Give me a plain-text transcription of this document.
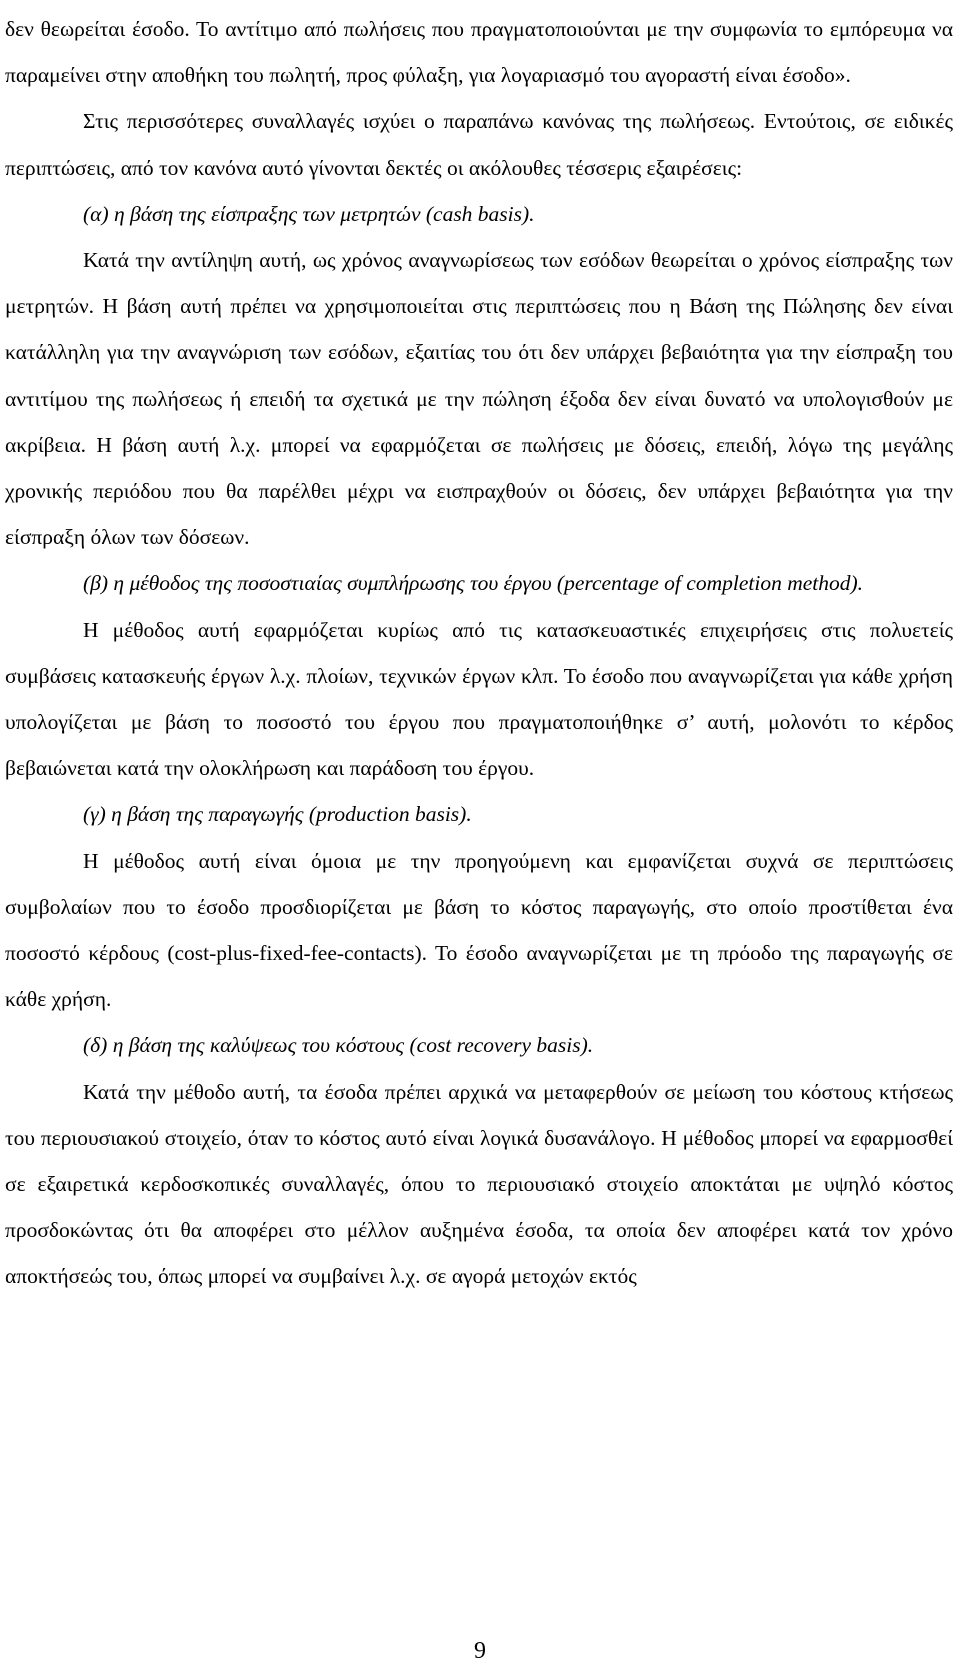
δεν θεωρείται έσοδο. Το αντίτιμο από πωλήσεις που πραγματοποιούνται με την συμφωνία το εμπόρευμα να παραμείνει στην αποθήκη του πωλητή, προς φύλαξη, για λογαριασμό του αγοραστή είναι έσοδο».

Στις περισσότερες συναλλαγές ισχύει ο παραπάνω κανόνας της πωλήσεως. Εντούτοις, σε ειδικές περιπτώσεις, από τον κανόνα αυτό γίνονται δεκτές οι ακόλουθες τέσσερις εξαιρέσεις:

(α) η βάση της είσπραξης των μετρητών (cash basis).

Κατά την αντίληψη αυτή, ως χρόνος αναγνωρίσεως των εσόδων θεωρείται ο χρόνος είσπραξης των μετρητών. Η βάση αυτή πρέπει να χρησιμοποιείται στις περιπτώσεις που η Βάση της Πώλησης δεν είναι κατάλληλη για την αναγνώριση των εσόδων, εξαιτίας του ότι δεν υπάρχει βεβαιότητα για την είσπραξη του αντιτίμου της πωλήσεως ή επειδή τα σχετικά με την πώληση έξοδα δεν είναι δυνατό να υπολογισθούν με ακρίβεια. Η βάση αυτή λ.χ. μπορεί να εφαρμόζεται σε πωλήσεις με δόσεις, επειδή, λόγω της μεγάλης χρονικής περιόδου που θα παρέλθει μέχρι να εισπραχθούν οι δόσεις, δεν υπάρχει βεβαιότητα για την είσπραξη όλων των δόσεων.

(β) η μέθοδος της ποσοστιαίας συμπλήρωσης του έργου (percentage of completion method).

Η μέθοδος αυτή εφαρμόζεται κυρίως από τις κατασκευαστικές επιχειρήσεις στις πολυετείς συμβάσεις κατασκευής έργων λ.χ. πλοίων, τεχνικών έργων κλπ. Το έσοδο που αναγνωρίζεται για κάθε χρήση υπολογίζεται με βάση το ποσοστό του έργου που πραγματοποιήθηκε σ’ αυτή, μολονότι το κέρδος βεβαιώνεται κατά την ολοκλήρωση και παράδοση του έργου.

(γ) η βάση της παραγωγής (production basis).

Η μέθοδος αυτή είναι όμοια με την προηγούμενη και εμφανίζεται συχνά σε περιπτώσεις συμβολαίων που το έσοδο προσδιορίζεται με βάση το κόστος παραγωγής, στο οποίο προστίθεται ένα ποσοστό κέρδους (cost-plus-fixed-fee-contacts). Το έσοδο αναγνωρίζεται με τη πρόοδο της παραγωγής σε κάθε χρήση.

(δ) η βάση της καλύψεως του κόστους (cost recovery basis).

Κατά την μέθοδο αυτή, τα έσοδα πρέπει αρχικά να μεταφερθούν σε μείωση του κόστους κτήσεως του περιουσιακού στοιχείο, όταν το κόστος αυτό είναι λογικά δυσανάλογο. Η μέθοδος μπορεί να εφαρμοσθεί σε εξαιρετικά κερδοσκοπικές συναλλαγές, όπου το περιουσιακό στοιχείο αποκτάται με υψηλό κόστος προσδοκώντας ότι θα αποφέρει στο μέλλον αυξημένα έσοδα, τα οποία δεν αποφέρει κατά τον χρόνο αποκτήσεώς του, όπως μπορεί να συμβαίνει λ.χ. σε αγορά μετοχών εκτός

9
